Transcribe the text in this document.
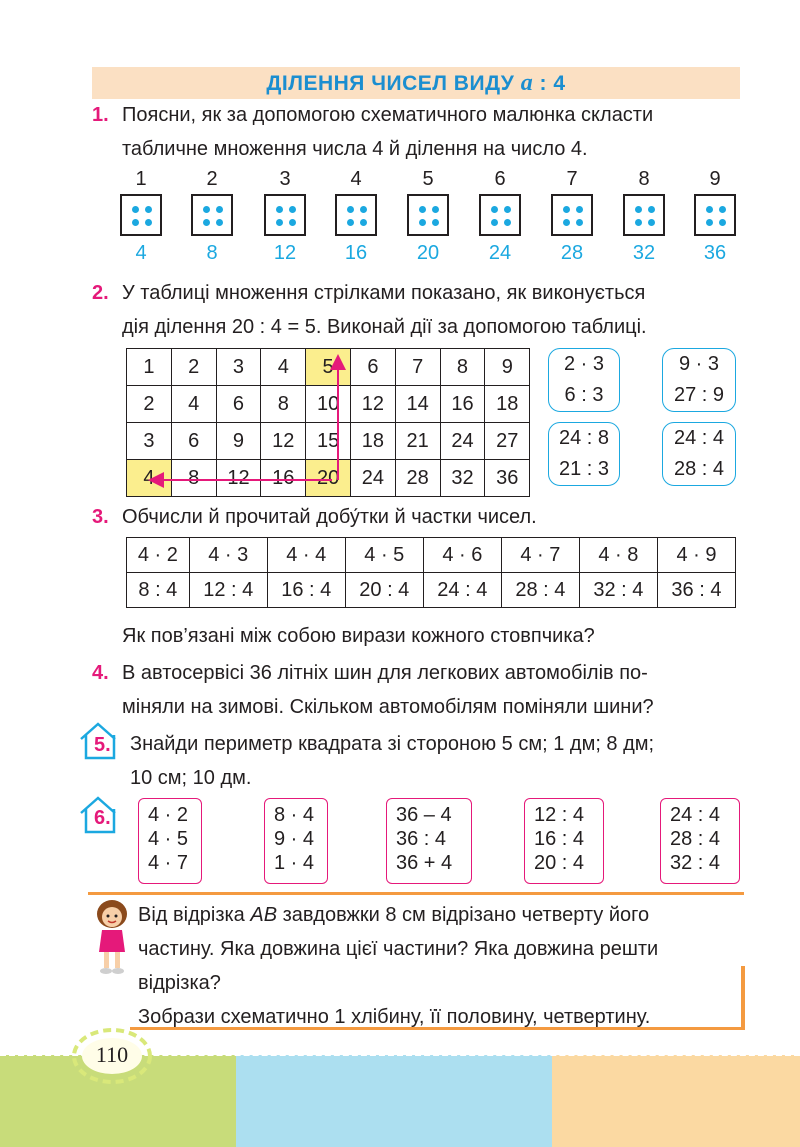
ДІЛЕННЯ ЧИСЕЛ ВИДУ a : 4
1. Поясни, як за допомогою схематичного малюнка скласти
табличне множення числа 4 й ділення на число 4.
1
4
2
8
3
12
4
16
5
20
6
24
7
28
8
32
9
36
2. У таблиці множення стрілками показано, як виконується
дія ділення 20 : 4 = 5. Виконай дії за допомогою таблиці.
1	2	3	4	5	6	7	8	9
2	4	6	8	10	12	14	16	18
3	6	9	12	15	18	21	24	27
4	8	12	16	20	24	28	32	36
2 · 3
6 : 3
9 · 3
27 : 9
24 : 8
21 : 3
24 : 4
28 : 4
3. Обчисли й прочитай добу́тки й частки чисел.
4 · 2	4 · 3	4 · 4	4 · 5	4 · 6	4 · 7	4 · 8	4 · 9
8 : 4	12 : 4	16 : 4	20 : 4	24 : 4	28 : 4	32 : 4	36 : 4
Як пов’язані між собою вирази кожного стовпчика?
4. В автосервісі 36 літніх шин для легкових автомобілів по-
міняли на зимові. Скільком автомобілям поміняли шини?
5. Знайди периметр квадрата зі стороною 5 см; 1 дм; 8 дм;
10 см; 10 дм.
6. 4 · 2
4 · 5
4 · 7
8 · 4
9 · 4
1 · 4
36 – 4
36 : 4
36 + 4
12 : 4
16 : 4
20 : 4
24 : 4
28 : 4
32 : 4
Від відрізка AB завдовжки 8 см відрізано четверту його
частину. Яка довжина цієї частини? Яка довжина решти
відрізка?
Зобрази схематично 1 хлібину, її половину, четвертину.
110
